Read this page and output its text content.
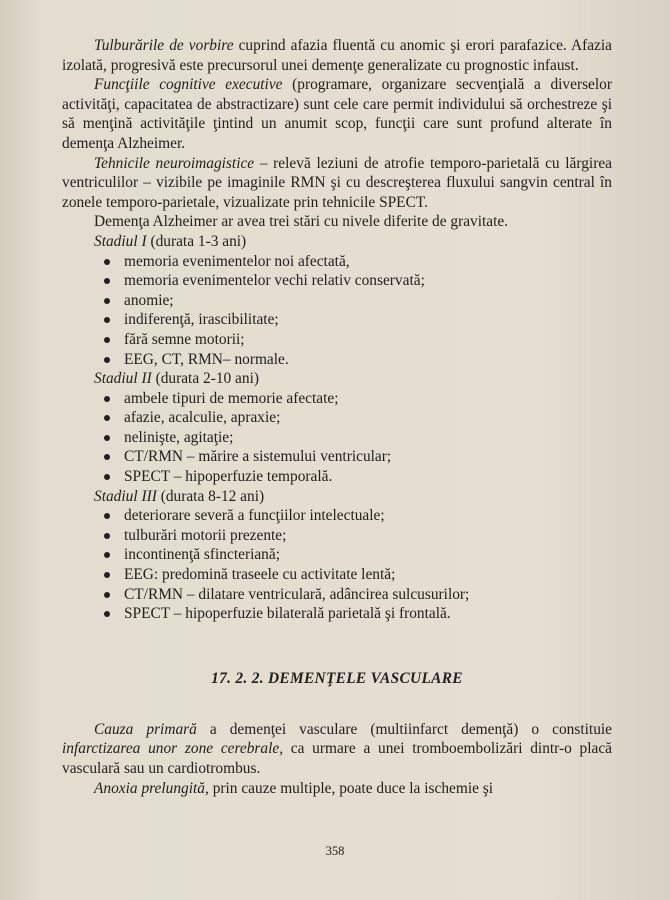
Tulburările de vorbire cuprind afazia fluentă cu anomic şi erori parafazice. Afazia izolată, progresivă este precursorul unei demenţe generalizate cu prognostic infaust.

Funcţiile cognitive executive (programare, organizare secvenţială a diverselor activităţi, capacitatea de abstractizare) sunt cele care permit individului să orchestreze şi să menţină activităţile ţintind un anumit scop, funcţii care sunt profund alterate în demenţa Alzheimer.

Tehnicile neuroimagistice – relevă leziuni de atrofie temporo-parietală cu lărgirea ventriculilor – vizibile pe imaginile RMN şi cu descreşterea fluxului sangvin central în zonele temporo-parietale, vizualizate prin tehnicile SPECT.

Demenţa Alzheimer ar avea trei stări cu nivele diferite de gravitate.

Stadiul I (durata 1-3 ani)

memoria evenimentelor noi afectată,
memoria evenimentelor vechi relativ conservată;
anomie;
indiferenţă, irascibilitate;
fără semne motorii;
EEG, CT, RMN– normale.

Stadiul II (durata 2-10 ani)

ambele tipuri de memorie afectate;
afazie, acalculie, apraxie;
nelinişte, agitaţie;
CT/RMN – mărire a sistemului ventricular;
SPECT – hipoperfuzie temporală.

Stadiul III (durata 8-12 ani)

deteriorare severă a funcţiilor intelectuale;
tulburări motorii prezente;
incontinenţă sfincteriană;
EEG: predomină traseele cu activitate lentă;
CT/RMN – dilatare ventriculară, adâncirea sulcusurilor;
SPECT – hipoperfuzie bilaterală parietală şi frontală.
17. 2. 2. DEMENŢELE VASCULARE

Cauza primară a demenţei vasculare (multiinfarct demenţă) o constituie infarctizarea unor zone cerebrale, ca urmare a unei tromboembolizări dintr-o placă vasculară sau un cardiotrombus.

Anoxia prelungită, prin cauze multiple, poate duce la ischemie şi

358
